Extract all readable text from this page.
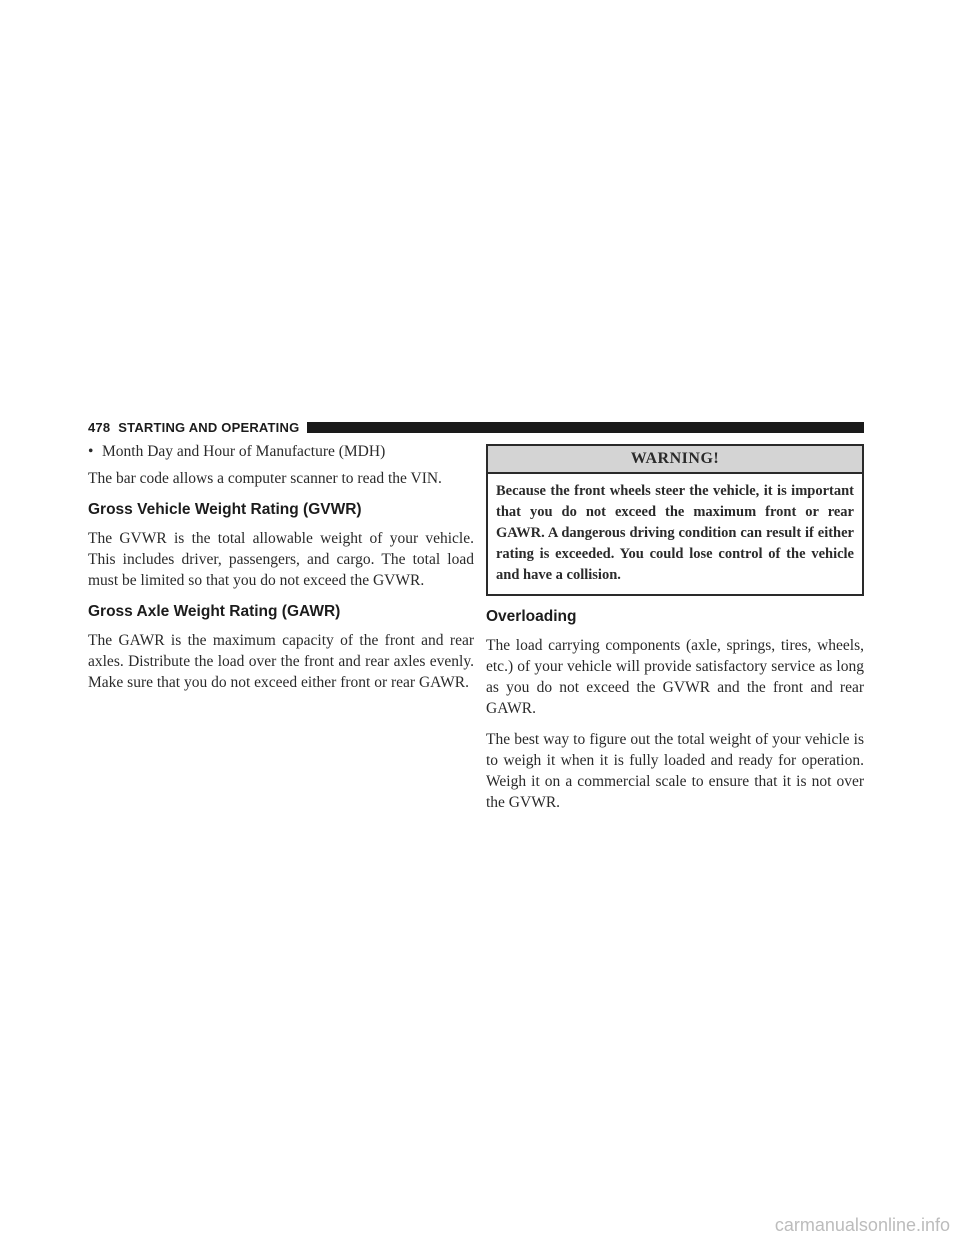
478 STARTING AND OPERATING
• Month Day and Hour of Manufacture (MDH)

The bar code allows a computer scanner to read the VIN.

Gross Vehicle Weight Rating (GVWR)

The GVWR is the total allowable weight of your vehicle. This includes driver, passengers, and cargo. The total load must be limited so that you do not exceed the GVWR.

Gross Axle Weight Rating (GAWR)

The GAWR is the maximum capacity of the front and rear axles. Distribute the load over the front and rear axles evenly. Make sure that you do not exceed either front or rear GAWR.

WARNING!
Because the front wheels steer the vehicle, it is important that you do not exceed the maximum front or rear GAWR. A dangerous driving condition can result if either rating is exceeded. You could lose control of the vehicle and have a collision.
Overloading

The load carrying components (axle, springs, tires, wheels, etc.) of your vehicle will provide satisfactory service as long as you do not exceed the GVWR and the front and rear GAWR.

The best way to figure out the total weight of your vehicle is to weigh it when it is fully loaded and ready for operation. Weigh it on a commercial scale to ensure that it is not over the GVWR.

carmanualsonline.info
